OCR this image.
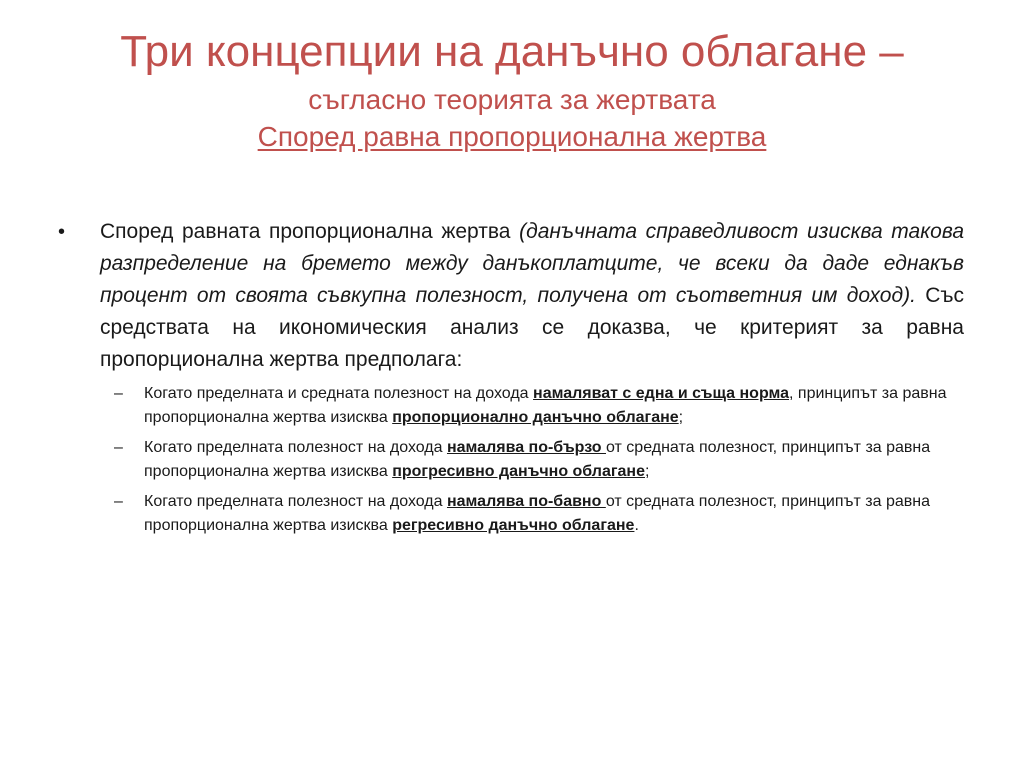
Три концепции на данъчно облагане –
съгласно теорията за жертвата
Според равна пропорционална жертва
• Според равната пропорционална жертва (данъчната справедливост изисква такова разпределение на бремето между данъкоплатците, че всеки да даде еднакъв процент от своята съвкупна полезност, получена от съответния им доход). Със средствата на икономическия анализ се доказва, че критерият за равна пропорционална жертва предполага:
– Когато пределната и средната полезност на дохода намаляват с една и съща норма, принципът за равна пропорционална жертва изисква пропорционално данъчно облагане;
– Когато пределната полезност на дохода намалява по-бързо от средната полезност, принципът за равна пропорционална жертва изисква прогресивно данъчно облагане;
– Когато пределната полезност на дохода намалява по-бавно от средната полезност, принципът за равна пропорционална жертва изисква регресивно данъчно облагане.
